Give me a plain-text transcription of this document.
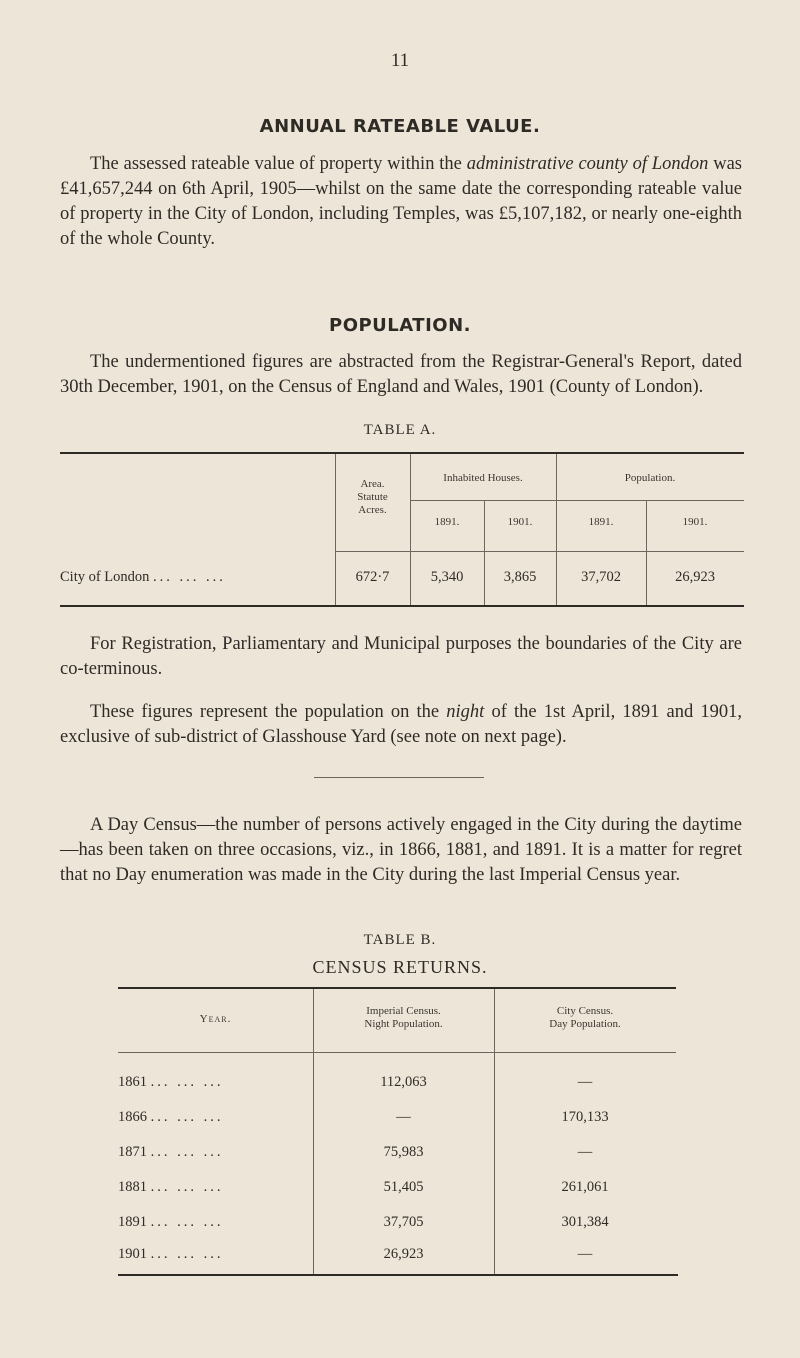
11
ANNUAL RATEABLE VALUE.
The assessed rateable value of property within the administrative county of London was £41,657,244 on 6th April, 1905—whilst on the same date the corresponding rateable value of property in the City of London, including Temples, was £5,107,182, or nearly one-eighth of the whole County.
POPULATION.
The undermentioned figures are abstracted from the Registrar-General's Report, dated 30th December, 1901, on the Census of England and Wales, 1901 (County of London).
TABLE A.
Area.
Statute
Acres.
Inhabited Houses.	Population.
1891.	1901.	1891.	1901.
City of London ... ... ...	672·7	5,340	3,865	37,702	26,923
For Registration, Parliamentary and Municipal purposes the boundaries of the City are co-terminous.
These figures represent the population on the night of the 1st April, 1891 and 1901, exclusive of sub-district of Glasshouse Yard (see note on next page).
A Day Census—the number of persons actively engaged in the City during the daytime—has been taken on three occasions, viz., in 1866, 1881, and 1891. It is a matter for regret that no Day enumeration was made in the City during the last Imperial Census year.
TABLE B.
CENSUS RETURNS.
Year.
Imperial Census.
Night Population.
City Census.
Day Population.
1861 ... ... ...	112,063	—
1866 ... ... ...	—	170,133
1871 ... ... ...	75,983	—
1881 ... ... ...	51,405	261,061
1891 ... ... ...	37,705	301,384
1901 ... ... ...	26,923	—
